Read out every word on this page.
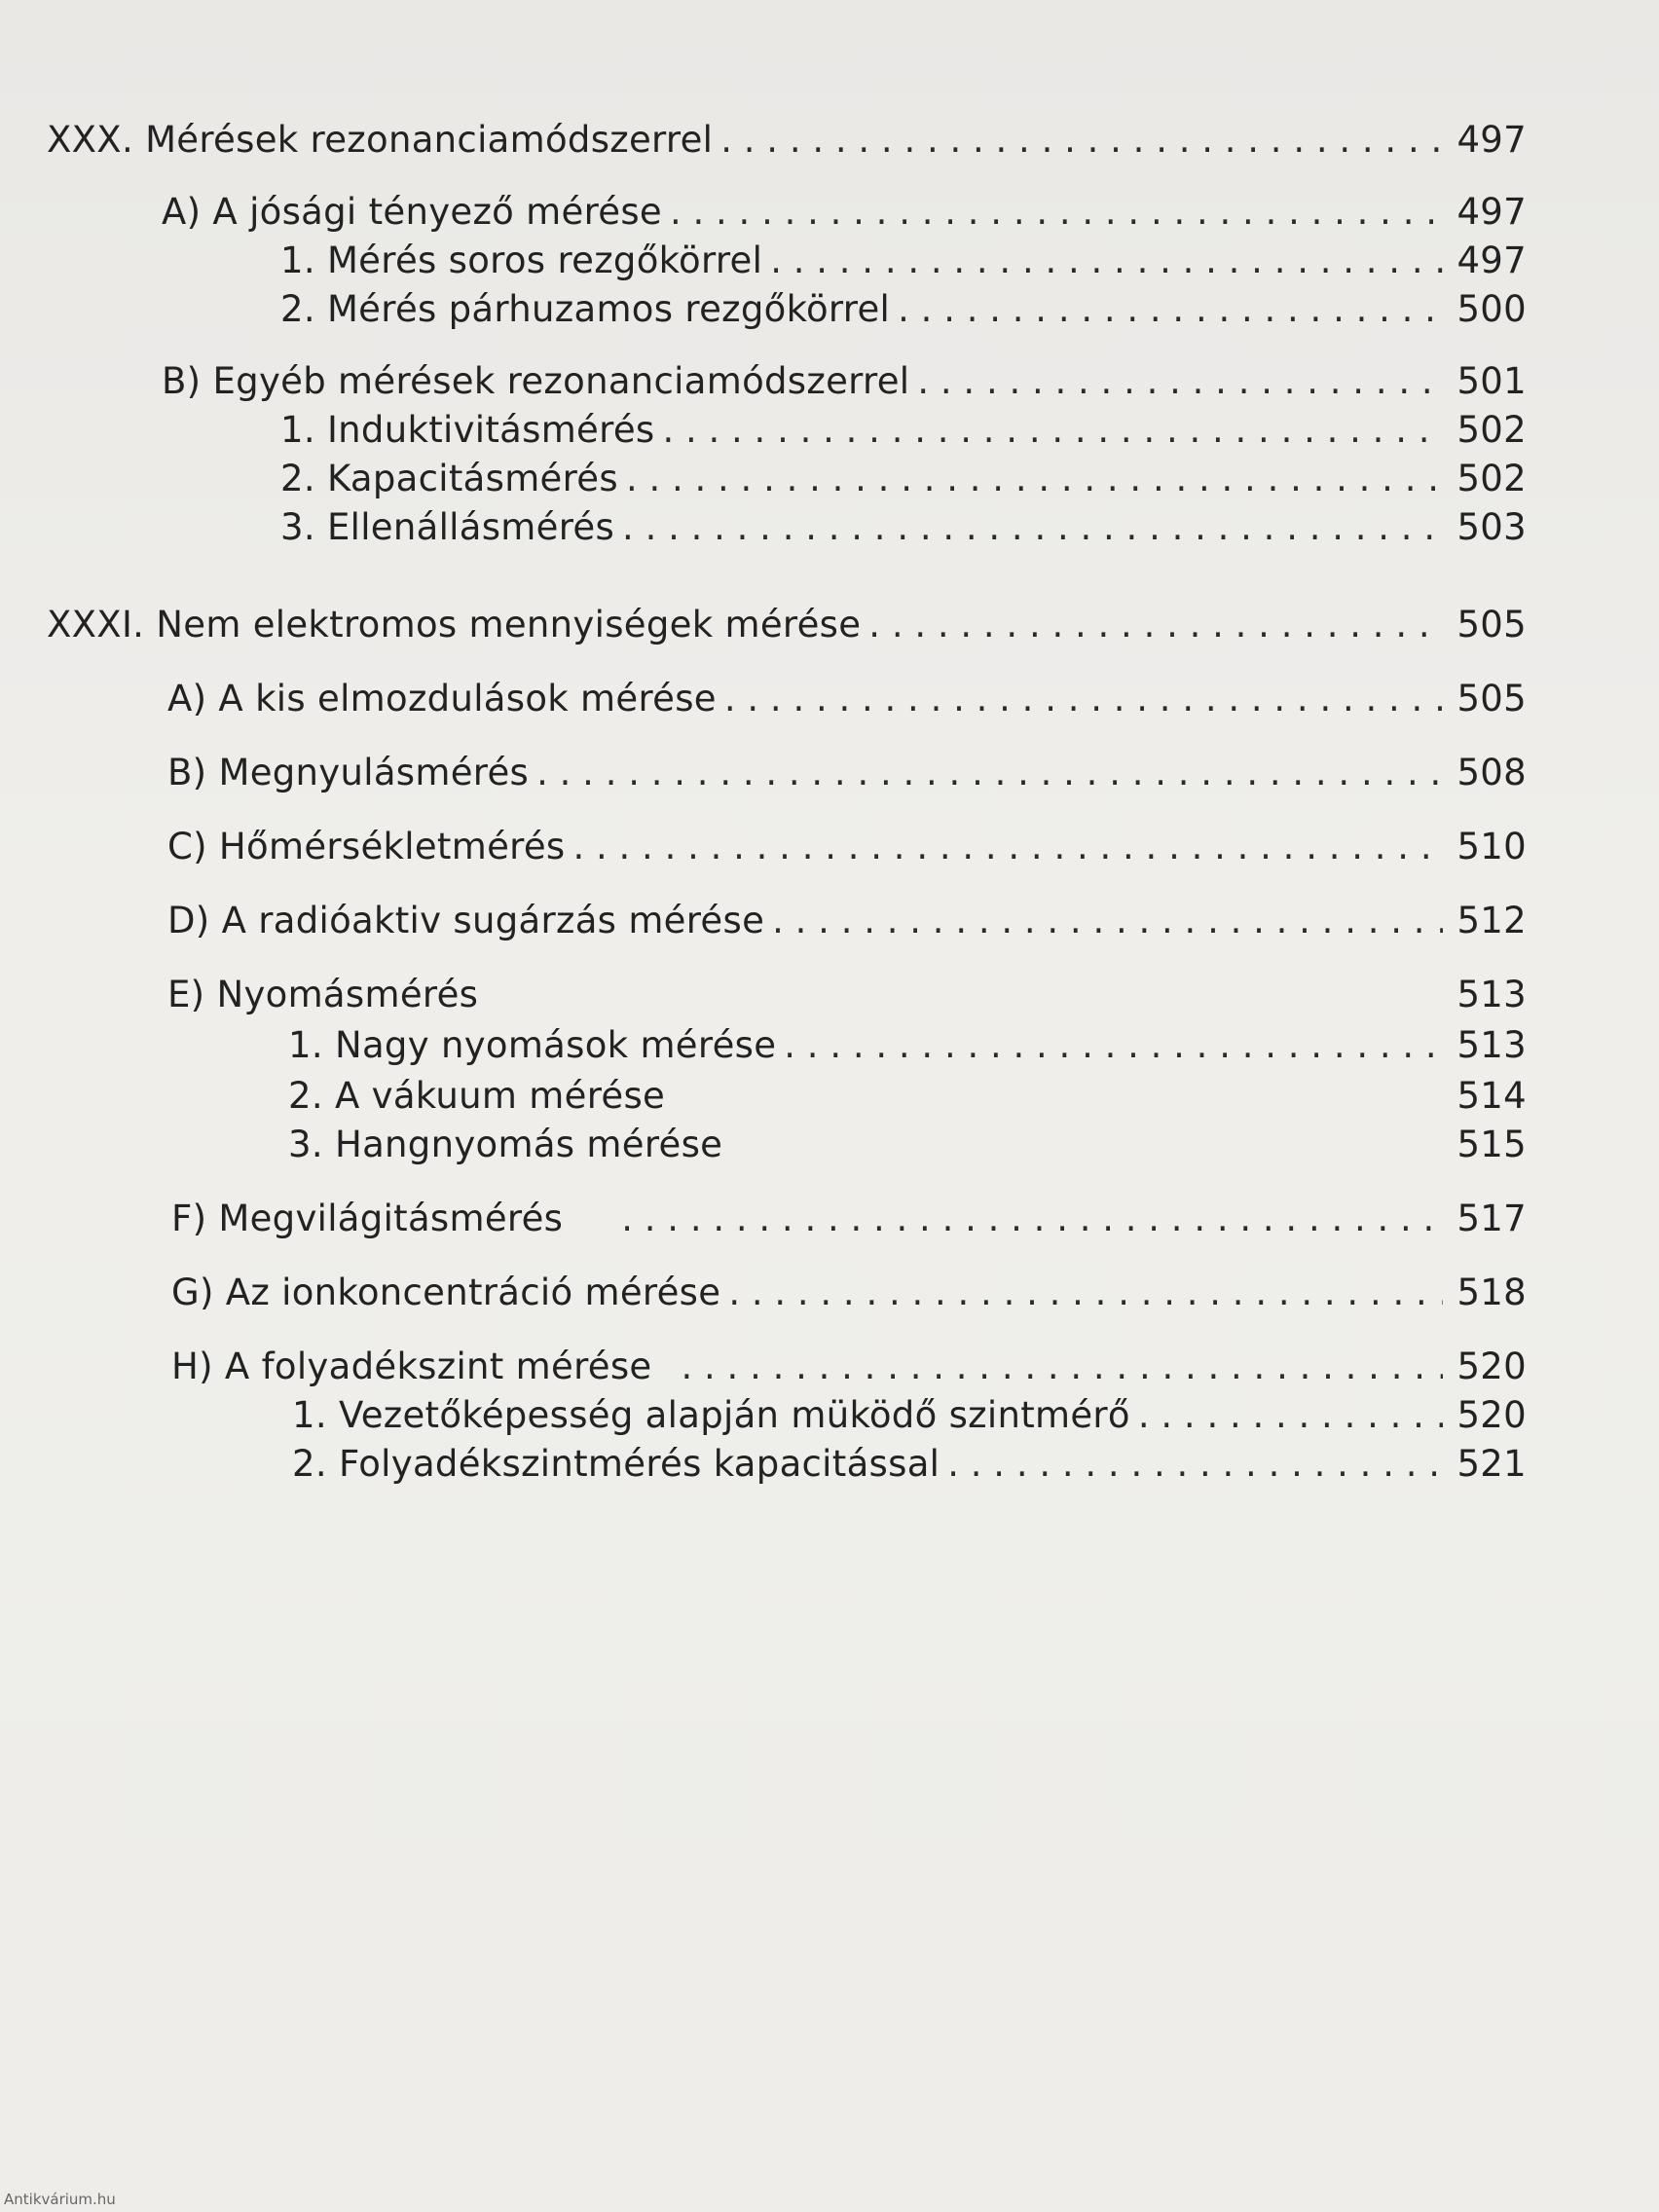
XXX. Mérések rezonanciamódszerrel . . .	497
A) A jósági tényező mérése . . .	497
1. Mérés soros rezgőkörrel . . .	497
2. Mérés párhuzamos rezgőkörrel . . .	500
B) Egyéb mérések rezonanciamódszerrel . . .	501
1. Induktivitásmérés . . .	502
2. Kapacitásmérés . . .	502
3. Ellenállásmérés . . .	503
XXXI. Nem elektromos mennyiségek mérése . . .	505
A) A kis elmozdulások mérése . . .	505
B) Megnyulásmérés . . .	508
C) Hőmérsékletmérés . . .	510
D) A radióaktiv sugárzás mérése . . .	512
E) Nyomásmérés	513
1. Nagy nyomások mérése . . .	513
2. A vákuum mérése	514
3. Hangnyomás mérése	515
F) Megvilágitásmérés . . .	517
G) Az ionkoncentráció mérése . . .	518
H) A folyadékszint mérése . . .	520
1. Vezetőképesség alapján müködő szintmérő . . .	520
2. Folyadékszintmérés kapacitással . . .	521
Antikvárium.hu
